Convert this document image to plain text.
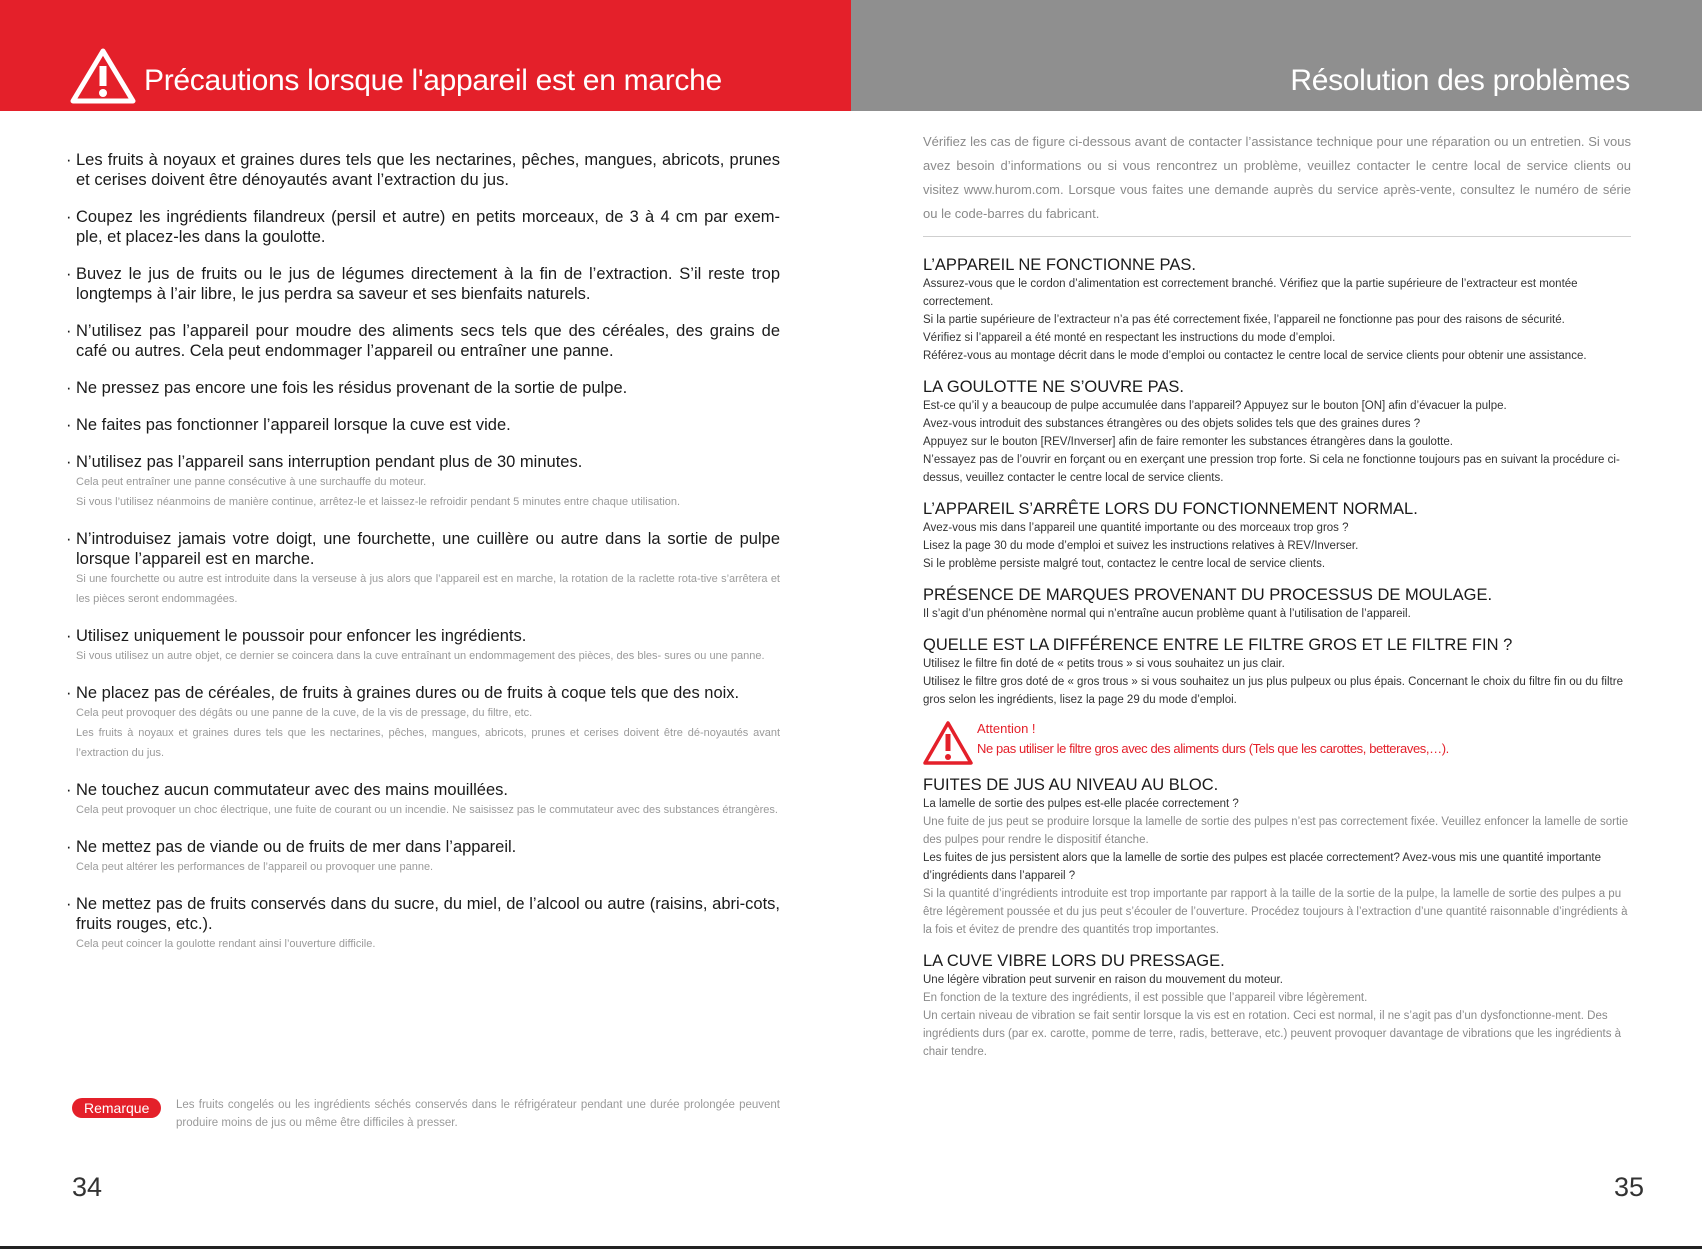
Précautions lorsque l'appareil est en marche	Résolution des problèmes
· Les fruits à noyaux et graines dures tels que les nectarines, pêches, mangues, abricots, prunes et cerises doivent être dénoyautés avant l’extraction du jus.
· Coupez les ingrédients filandreux (persil et autre) en petits morceaux, de 3 à 4 cm par exem-ple, et placez-les dans la goulotte.
· Buvez le jus de fruits ou le jus de légumes directement à la fin de l’extraction. S’il reste trop longtemps à l’air libre, le jus perdra sa saveur et ses bienfaits naturels.
· N’utilisez pas l’appareil pour moudre des aliments secs tels que des céréales, des grains de café ou autres. Cela peut endommager l’appareil ou entraîner une panne.
· Ne pressez pas encore une fois les résidus provenant de la sortie de pulpe.
· Ne faites pas fonctionner l’appareil lorsque la cuve est vide.
· N’utilisez pas l’appareil sans interruption pendant plus de 30 minutes.
Cela peut entraîner une panne consécutive à une surchauffe du moteur.
Si vous l’utilisez néanmoins de manière continue, arrêtez-le et laissez-le refroidir pendant 5 minutes entre chaque utilisation.
· N’introduisez jamais votre doigt, une fourchette, une cuillère ou autre dans la sortie de pulpe lorsque l’appareil est en marche.
Si une fourchette ou autre est introduite dans la verseuse à jus alors que l’appareil est en marche, la rotation de la raclette rota-tive s’arrêtera et les pièces seront endommagées.
· Utilisez uniquement le poussoir pour enfoncer les ingrédients.
Si vous utilisez un autre objet, ce dernier se coincera dans la cuve entraînant un endommagement des pièces, des bles- sures ou une panne.
· Ne placez pas de céréales, de fruits à graines dures ou de fruits à coque tels que des noix.
Cela peut provoquer des dégâts ou une panne de la cuve, de la vis de pressage, du filtre, etc.
Les fruits à noyaux et graines dures tels que les nectarines, pêches, mangues, abricots, prunes et cerises doivent être dé-noyautés avant l’extraction du jus.
· Ne touchez aucun commutateur avec des mains mouillées.
Cela peut provoquer un choc électrique, une fuite de courant ou un incendie. Ne saisissez pas le commutateur avec des substances étrangères.
· Ne mettez pas de viande ou de fruits de mer dans l’appareil.
Cela peut altérer les performances de l’appareil ou provoquer une panne.
· Ne mettez pas de fruits conservés dans du sucre, du miel, de l’alcool ou autre (raisins, abri-cots, fruits rouges, etc.).
Cela peut coincer la goulotte rendant ainsi l’ouverture difficile.
Remarque	Les fruits congelés ou les ingrédients séchés conservés dans le réfrigérateur pendant une durée prolongée peuvent produire moins de jus ou même être difficiles à presser.
34
Vérifiez les cas de figure ci-dessous avant de contacter l’assistance technique pour une réparation ou un entretien. Si vous avez besoin d’informations ou si vous rencontrez un problème, veuillez contacter le centre local de service clients ou visitez www.hurom.com. Lorsque vous faites une demande auprès du service après-vente, consultez le numéro de série ou le code-barres du fabricant.
L’APPAREIL NE FONCTIONNE PAS.
Assurez-vous que le cordon d’alimentation est correctement branché. Vérifiez que la partie supérieure de l’extracteur est montée correctement.
Si la partie supérieure de l’extracteur n’a pas été correctement fixée, l’appareil ne fonctionne pas pour des raisons de sécurité.
Vérifiez si l’appareil a été monté en respectant les instructions du mode d’emploi.
Référez-vous au montage décrit dans le mode d’emploi ou contactez le centre local de service clients pour obtenir une assistance.
LA GOULOTTE NE S’OUVRE PAS.
Est-ce qu’il y a beaucoup de pulpe accumulée dans l’appareil? Appuyez sur le bouton [ON] afin d’évacuer la pulpe.
Avez-vous introduit des substances étrangères ou des objets solides tels que des graines dures ?
Appuyez sur le bouton [REV/Inverser] afin de faire remonter les substances étrangères dans la goulotte.
N’essayez pas de l’ouvrir en forçant ou en exerçant une pression trop forte. Si cela ne fonctionne toujours pas en suivant la procédure ci-dessus, veuillez contacter le centre local de service clients.
L’APPAREIL S’ARRÊTE LORS DU FONCTIONNEMENT NORMAL.
Avez-vous mis dans l’appareil une quantité importante ou des morceaux trop gros ?
Lisez la page 30 du mode d’emploi et suivez les instructions relatives à REV/Inverser.
Si le problème persiste malgré tout, contactez le centre local de service clients.
PRÉSENCE DE MARQUES PROVENANT DU PROCESSUS DE MOULAGE.
Il s’agit d’un phénomène normal qui n’entraîne aucun problème quant à l’utilisation de l’appareil.
QUELLE EST LA DIFFÉRENCE ENTRE LE FILTRE GROS ET LE FILTRE FIN ?
Utilisez le filtre fin doté de « petits trous » si vous souhaitez un jus clair.
Utilisez le filtre gros doté de « gros trous » si vous souhaitez un jus plus pulpeux ou plus épais. Concernant le choix du filtre fin ou du filtre gros selon les ingrédients, lisez la page 29 du mode d’emploi.
Attention !
Ne pas utiliser le filtre gros avec des aliments durs (Tels que les carottes, betteraves,…).
FUITES DE JUS AU NIVEAU AU BLOC.
La lamelle de sortie des pulpes est-elle placée correctement ?
Une fuite de jus peut se produire lorsque la lamelle de sortie des pulpes n’est pas correctement fixée. Veuillez enfoncer la lamelle de sortie des pulpes pour rendre le dispositif étanche.
Les fuites de jus persistent alors que la lamelle de sortie des pulpes est placée correctement? Avez-vous mis une quantité importante d’ingrédients dans l’appareil ?
Si la quantité d’ingrédients introduite est trop importante par rapport à la taille de la sortie de la pulpe, la lamelle de sortie des pulpes a pu être légèrement poussée et du jus peut s’écouler de l’ouverture. Procédez toujours à l’extraction d’une quantité raisonnable d’ingrédients à la fois et évitez de prendre des quantités trop importantes.
LA CUVE VIBRE LORS DU PRESSAGE.
Une légère vibration peut survenir en raison du mouvement du moteur.
En fonction de la texture des ingrédients, il est possible que l’appareil vibre légèrement.
Un certain niveau de vibration se fait sentir lorsque la vis est en rotation. Ceci est normal, il ne s’agit pas d’un dysfonctionne-ment. Des ingrédients durs (par ex. carotte, pomme de terre, radis, betterave, etc.) peuvent provoquer davantage de vibrations que les ingrédients à chair tendre.
35
